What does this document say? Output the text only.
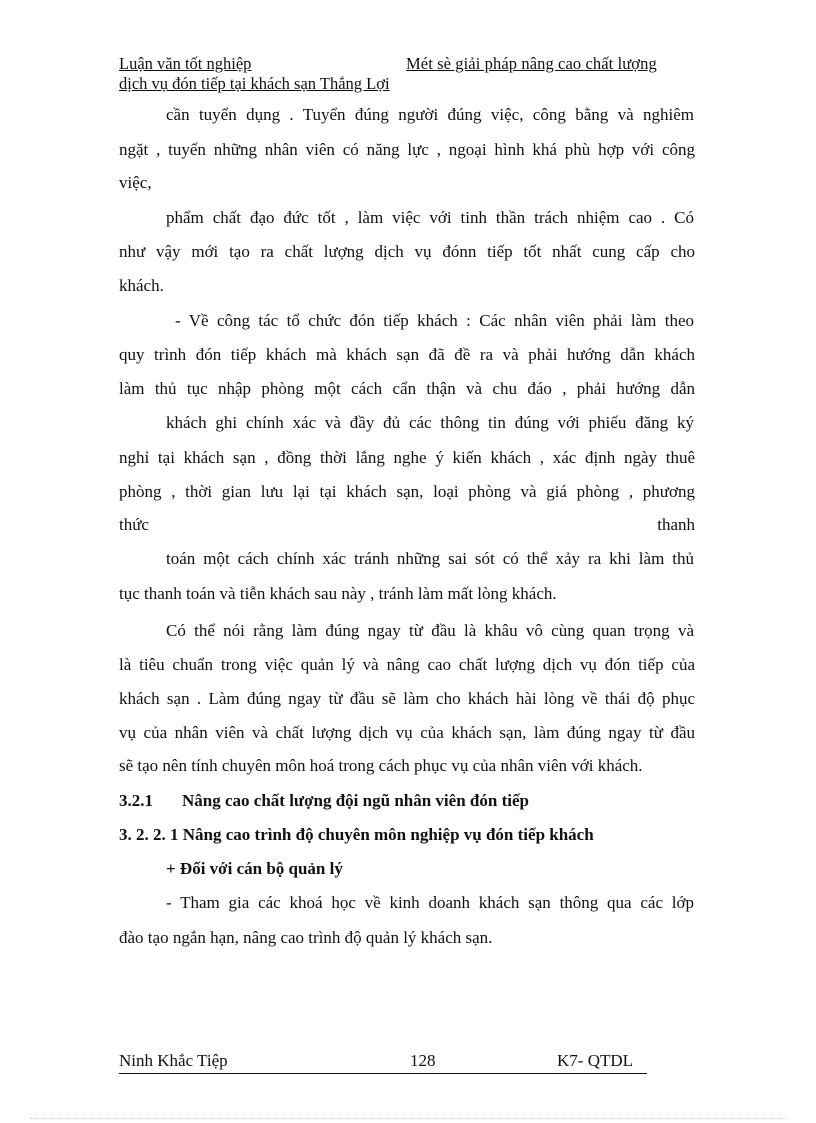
Luận văn tốt nghiệp	Mét sè giải pháp nâng cao chất lượng
dịch vụ đón tiếp tại khách sạn Thắng Lợi
cần tuyển dụng . Tuyển đúng người đúng việc, công bằng và nghiêm
ngặt , tuyển những nhân viên có năng lực , ngoại hình khá phù hợp với công
việc,
phẩm chất đạo đức tốt , làm việc với tinh thần trách nhiệm cao . Có
như vậy mới tạo ra chất lượng dịch vụ đónn tiếp tốt nhất cung cấp cho
khách.
- Về công tác tổ chức đón tiếp khách : Các nhân viên phải làm theo
quy trình đón tiếp khách mà khách sạn đã đề ra và phải hướng dẫn khách
làm thủ tục nhập phòng một cách cẩn thận và chu đáo , phải hướng dẫn
khách ghi chính xác và đầy đủ các thông tin đúng với phiếu đăng ký
nghỉ tại khách sạn , đồng thời lắng nghe ý kiến khách , xác định ngày thuê
phòng , thời gian lưu lại tại khách sạn, loại phòng và giá phòng , phương
thức thanh
toán một cách chính xác tránh những sai sót có thể xảy ra khi làm thủ
tục thanh toán và tiễn khách sau này , tránh làm mất lòng khách.
Có thể nói rằng làm đúng ngay từ đầu là khâu vô cùng quan trọng và
là tiêu chuẩn trong việc quản lý và nâng cao chất lượng dịch vụ đón tiếp của
khách sạn . Làm đúng ngay từ đầu sẽ làm cho khách hài lòng về thái độ phục
vụ của nhân viên và chất lượng dịch vụ của khách sạn, làm đúng ngay từ đầu
sẽ tạo nên tính chuyên môn hoá trong cách phục vụ của nhân viên với khách.
3.2.1 Nâng cao chất lượng đội ngũ nhân viên đón tiếp
3. 2. 2. 1 Nâng cao trình độ chuyên môn nghiệp vụ đón tiếp khách
+ Đối với cán bộ quản lý
- Tham gia các khoá học về kinh doanh khách sạn thông qua các lớp
đào tạo ngắn hạn, nâng cao trình độ quản lý khách sạn.
Ninh Khắc Tiệp	128	K7- QTDL
